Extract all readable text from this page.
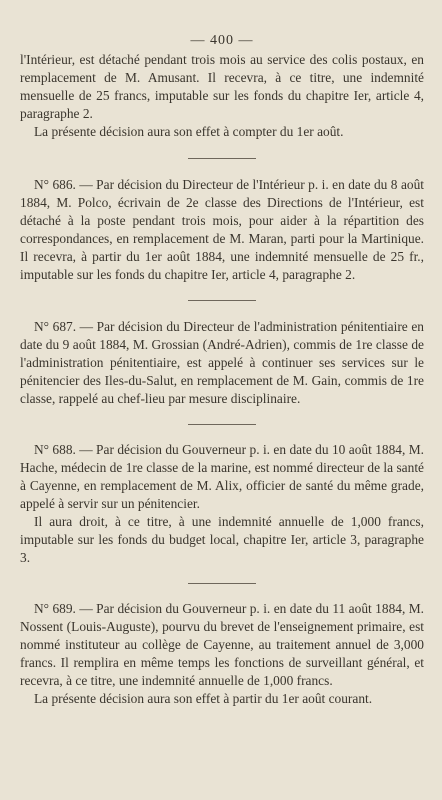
— 400 —

l'Intérieur, est détaché pendant trois mois au service des colis postaux, en remplacement de M. Amusant. Il recevra, à ce titre, une indemnité mensuelle de 25 francs, imputable sur les fonds du chapitre Ier, article 4, paragraphe 2.

La présente décision aura son effet à compter du 1er août.

N° 686. — Par décision du Directeur de l'Intérieur p. i. en date du 8 août 1884, M. Polco, écrivain de 2e classe des Directions de l'Intérieur, est détaché à la poste pendant trois mois, pour aider à la répartition des correspondances, en remplacement de M. Maran, parti pour la Martinique. Il recevra, à partir du 1er août 1884, une indemnité mensuelle de 25 fr., imputable sur les fonds du chapitre Ier, article 4, paragraphe 2.

N° 687. — Par décision du Directeur de l'administration pénitentiaire en date du 9 août 1884, M. Grossian (André-Adrien), commis de 1re classe de l'administration pénitentiaire, est appelé à continuer ses services sur le pénitencier des Iles-du-Salut, en remplacement de M. Gain, commis de 1re classe, rappelé au chef-lieu par mesure disciplinaire.

N° 688. — Par décision du Gouverneur p. i. en date du 10 août 1884, M. Hache, médecin de 1re classe de la marine, est nommé directeur de la santé à Cayenne, en remplacement de M. Alix, officier de santé du même grade, appelé à servir sur un pénitencier.

Il aura droit, à ce titre, à une indemnité annuelle de 1,000 francs, imputable sur les fonds du budget local, chapitre Ier, article 3, paragraphe 3.

N° 689. — Par décision du Gouverneur p. i. en date du 11 août 1884, M. Nossent (Louis-Auguste), pourvu du brevet de l'enseignement primaire, est nommé instituteur au collège de Cayenne, au traitement annuel de 3,000 francs. Il remplira en même temps les fonctions de surveillant général, et recevra, à ce titre, une indemnité annuelle de 1,000 francs.

La présente décision aura son effet à partir du 1er août courant.
